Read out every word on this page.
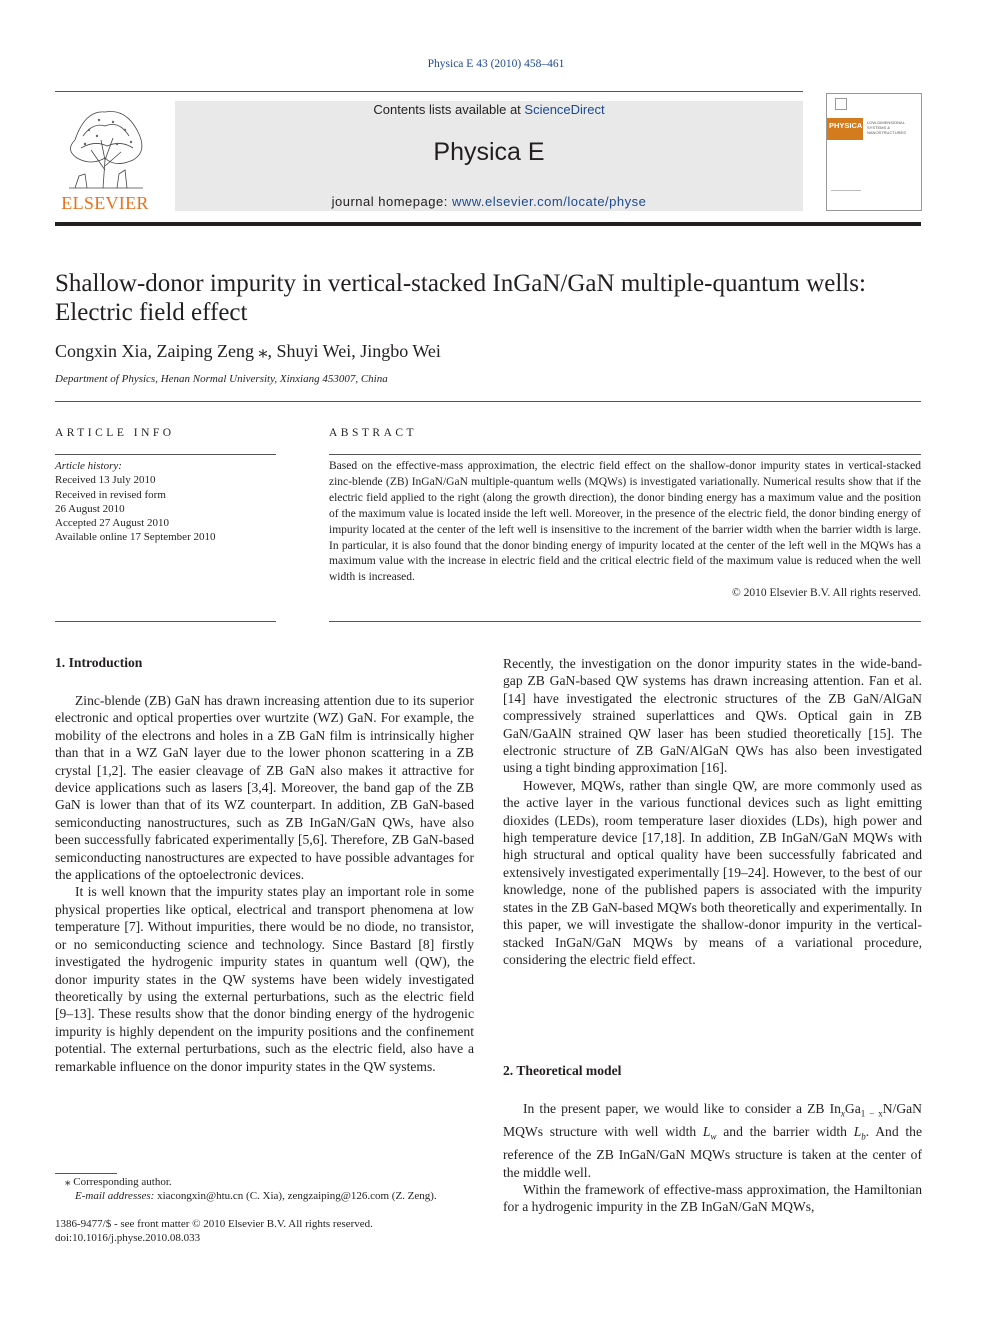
Physica E 43 (2010) 458–461
ELSEVIER
Contents lists available at ScienceDirect
Physica E
journal homepage: www.elsevier.com/locate/physe
PHYSICA LOW-DIMENSIONAL SYSTEMS & NANOSTRUCTURES
Shallow-donor impurity in vertical-stacked InGaN/GaN multiple-quantum wells: Electric field effect
Congxin Xia, Zaiping Zeng ⁎, Shuyi Wei, Jingbo Wei
Department of Physics, Henan Normal University, Xinxiang 453007, China
ARTICLE INFO	ABSTRACT
Article history:
Received 13 July 2010
Received in revised form
26 August 2010
Accepted 27 August 2010
Available online 17 September 2010
Based on the effective-mass approximation, the electric field effect on the shallow-donor impurity states in vertical-stacked zinc-blende (ZB) InGaN/GaN multiple-quantum wells (MQWs) is investigated variationally. Numerical results show that if the electric field applied to the right (along the growth direction), the donor binding energy has a maximum value and the position of the maximum value is located inside the left well. Moreover, in the presence of the electric field, the donor binding energy of impurity located at the center of the left well is insensitive to the increment of the barrier width when the barrier width is large. In particular, it is also found that the donor binding energy of impurity located at the center of the left well in the MQWs has a maximum value with the increase in electric field and the critical electric field of the maximum value is reduced when the well width is increased.
© 2010 Elsevier B.V. All rights reserved.
1. Introduction

Zinc-blende (ZB) GaN has drawn increasing attention due to its superior electronic and optical properties over wurtzite (WZ) GaN. For example, the mobility of the electrons and holes in a ZB GaN film is intrinsically higher than that in a WZ GaN layer due to the lower phonon scattering in a ZB crystal [1,2]. The easier cleavage of ZB GaN also makes it attractive for device applications such as lasers [3,4]. Moreover, the band gap of the ZB GaN is lower than that of its WZ counterpart. In addition, ZB GaN-based semiconducting nanostructures, such as ZB InGaN/GaN QWs, have also been successfully fabricated experimentally [5,6]. Therefore, ZB GaN-based semiconducting nanostructures are expected to have possible advantages for the applications of the optoelectronic devices.

It is well known that the impurity states play an important role in some physical properties like optical, electrical and transport phenomena at low temperature [7]. Without impurities, there would be no diode, no transistor, or no semiconducting science and technology. Since Bastard [8] firstly investigated the hydrogenic impurity states in quantum well (QW), the donor impurity states in the QW systems have been widely investigated theoretically by using the external perturbations, such as the electric field [9–13]. These results show that the donor binding energy of the hydrogenic impurity is highly dependent on the impurity positions and the confinement potential. The external perturbations, such as the electric field, also have a remarkable influence on the donor impurity states in the QW systems.

Recently, the investigation on the donor impurity states in the wide-band-gap ZB GaN-based QW systems has drawn increasing attention. Fan et al. [14] have investigated the electronic structures of the ZB GaN/AlGaN compressively strained superlattices and QWs. Optical gain in ZB GaN/GaAlN strained QW laser has been studied theoretically [15]. The electronic structure of ZB GaN/AlGaN QWs has also been investigated using a tight binding approximation [16].

However, MQWs, rather than single QW, are more commonly used as the active layer in the various functional devices such as light emitting dioxides (LEDs), room temperature laser dioxides (LDs), high power and high temperature device [17,18]. In addition, ZB InGaN/GaN MQWs with high structural and optical quality have been successfully fabricated and extensively investigated experimentally [19–24]. However, to the best of our knowledge, none of the published papers is associated with the impurity states in the ZB GaN-based MQWs both theoretically and experimentally. In this paper, we will investigate the shallow-donor impurity in the vertical-stacked InGaN/GaN MQWs by means of a variational procedure, considering the electric field effect.

2. Theoretical model

In the present paper, we would like to consider a ZB $In_xGa_{1 - x}N$/GaN MQWs structure with well width $L_w$ and the barrier width $L_b$. And the reference of the ZB InGaN/GaN MQWs structure is taken at the center of the middle well.

Within the framework of effective-mass approximation, the Hamiltonian for a hydrogenic impurity in the ZB InGaN/GaN MQWs,

⁎ Corresponding author.
E-mail addresses: xiacongxin@htu.cn (C. Xia), zengzaiping@126.com (Z. Zeng).
1386-9477/$ - see front matter © 2010 Elsevier B.V. All rights reserved.
doi:10.1016/j.physe.2010.08.033
